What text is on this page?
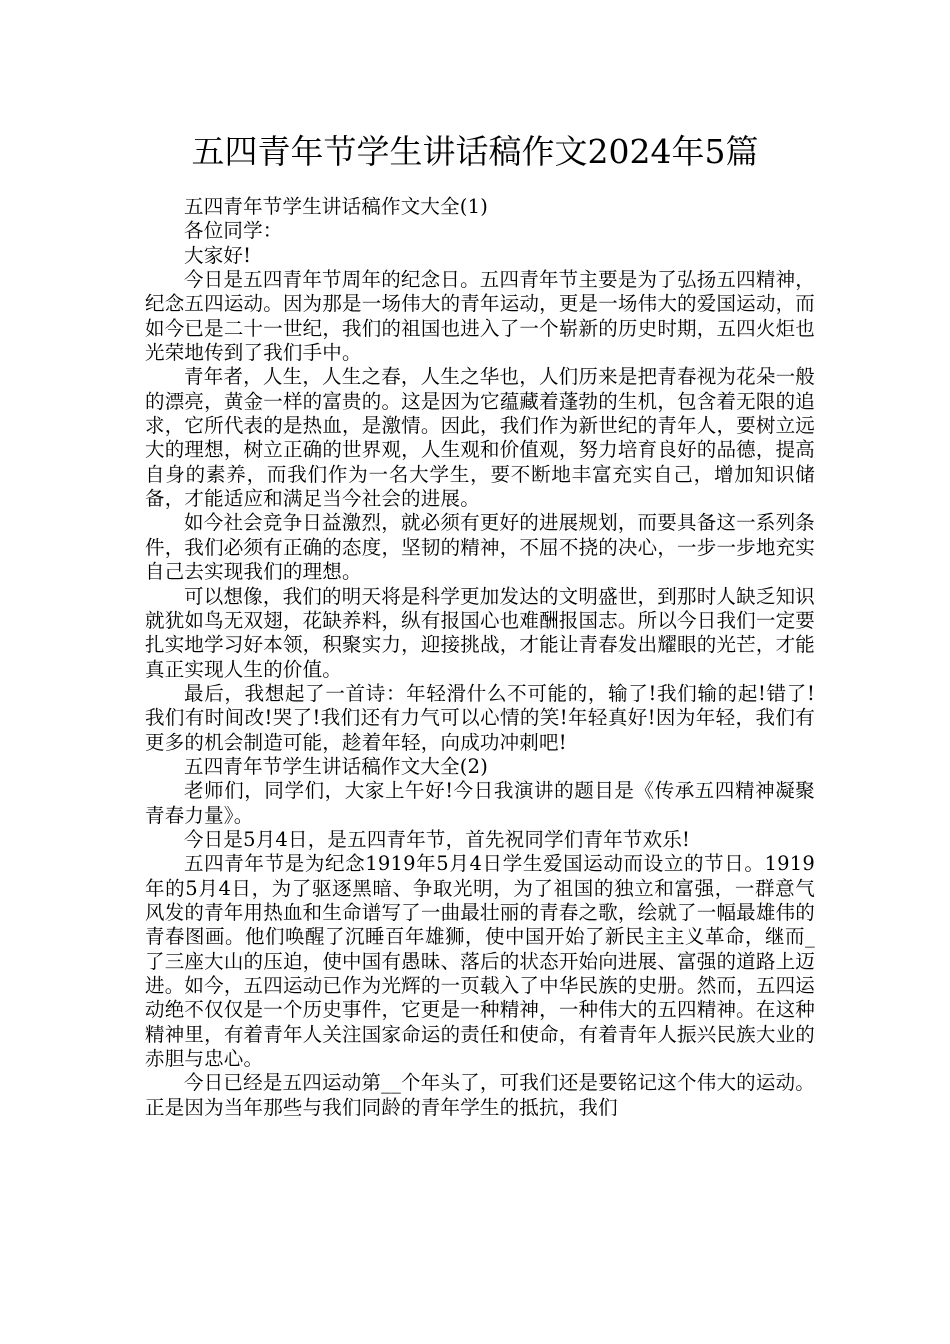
五四青年节学生讲话稿作文2024年5篇

五四青年节学生讲话稿作文大全(1)

各位同学：

大家好!

今日是五四青年节周年的纪念日。五四青年节主要是为了弘扬五四精神，纪念五四运动。因为那是一场伟大的青年运动，更是一场伟大的爱国运动，而如今已是二十一世纪，我们的祖国也进入了一个崭新的历史时期，五四火炬也光荣地传到了我们手中。

青年者，人生，人生之春，人生之华也，人们历来是把青春视为花朵一般的漂亮，黄金一样的富贵的。这是因为它蕴藏着蓬勃的生机，包含着无限的追求，它所代表的是热血，是激情。因此，我们作为新世纪的青年人，要树立远大的理想，树立正确的世界观，人生观和价值观，努力培育良好的品德，提高自身的素养，而我们作为一名大学生，要不断地丰富充实自己，增加知识储备，才能适应和满足当今社会的进展。

如今社会竞争日益激烈，就必须有更好的进展规划，而要具备这一系列条件，我们必须有正确的态度，坚韧的精神，不屈不挠的决心，一步一步地充实自己去实现我们的理想。

可以想像，我们的明天将是科学更加发达的文明盛世，到那时人缺乏知识就犹如鸟无双翅，花缺养料，纵有报国心也难酬报国志。所以今日我们一定要扎实地学习好本领，积聚实力，迎接挑战，才能让青春发出耀眼的光芒，才能真正实现人生的价值。

最后，我想起了一首诗：年轻滑什么不可能的，输了!我们输的起!错了!我们有时间改!哭了!我们还有力气可以心情的笑!年轻真好!因为年轻，我们有更多的机会制造可能，趁着年轻，向成功冲刺吧!

五四青年节学生讲话稿作文大全(2)

老师们，同学们，大家上午好!今日我演讲的题目是《传承五四精神凝聚青春力量》。

今日是5月4日，是五四青年节，首先祝同学们青年节欢乐!

五四青年节是为纪念1919年5月4日学生爱国运动而设立的节日。1919年的5月4日，为了驱逐黑暗、争取光明，为了祖国的独立和富强，一群意气风发的青年用热血和生命谱写了一曲最壮丽的青春之歌，绘就了一幅最雄伟的青春图画。他们唤醒了沉睡百年雄狮，使中国开始了新民主主义革命，继而_了三座大山的压迫，使中国有愚昧、落后的状态开始向进展、富强的道路上迈进。如今，五四运动已作为光辉的一页载入了中华民族的史册。然而，五四运动绝不仅仅是一个历史事件，它更是一种精神，一种伟大的五四精神。在这种精神里，有着青年人关注国家命运的责任和使命，有着青年人振兴民族大业的赤胆与忠心。

今日已经是五四运动第__个年头了，可我们还是要铭记这个伟大的运动。正是因为当年那些与我们同龄的青年学生的抵抗，我们
